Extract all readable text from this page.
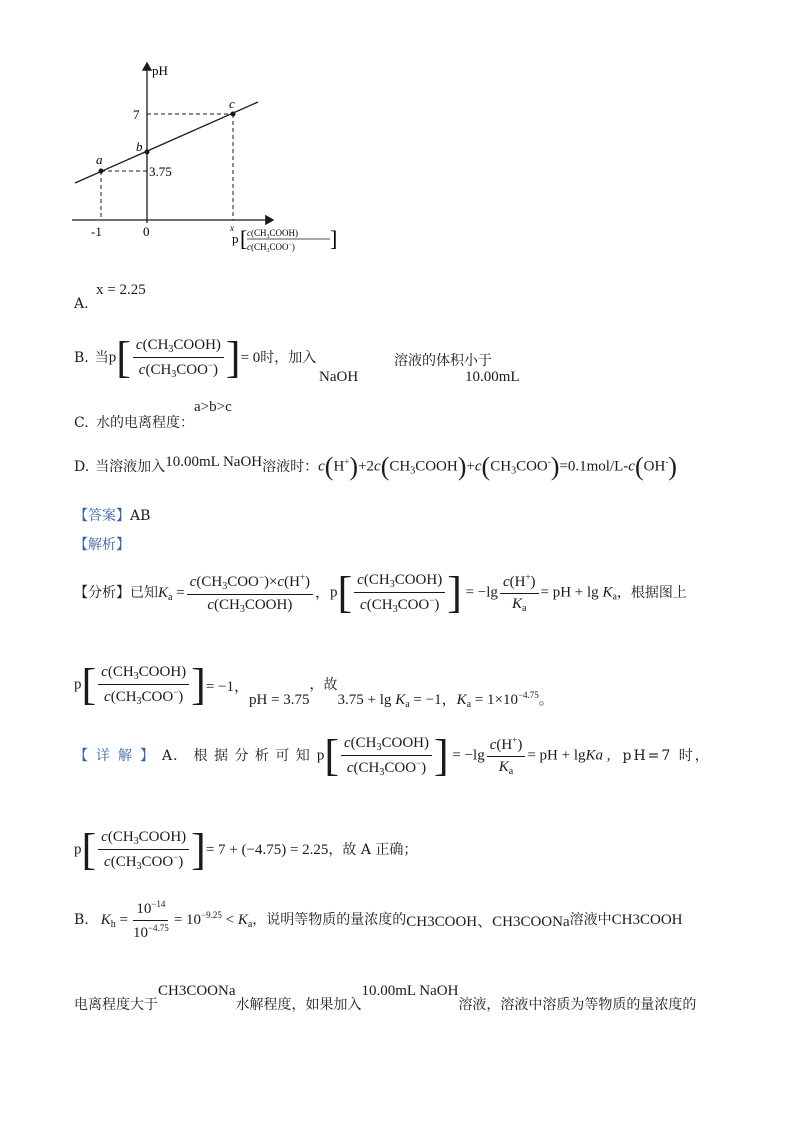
pH
7
3.75
-1	0	x
a
b
c
p [ $c(CH_3COOH)$
$c(CH_3COO^-)$ ]
A.
x = 2.25
B. 当 $p[ \frac{c(CH_3COOH)}{c(CH_3COO^-)}$ ] = 0 时，加入
NaOH
溶液的体积小于
10.00mL
C. 水的电离程度：
a>b>c
D. 当溶液加入 10.00mL NaOH 溶液时： $c(H^+)+2c(CH_3COOH)+c(CH_3COO^-)=0.1mol/L-c(OH^-)$
【答案】AB
【解析】
【分析】 已知 $K_a = \frac{c(CH_3COO^-)\times c(H^+)}{c(CH_3COOH)}$ ， $p[ \frac{c(CH_3COOH)}{c(CH_3COO^-)}$ ] = $-\lg \frac{c(H^+)}{K_a}$ = pH + $\lg K_a$ ，根据图上
$p[ \frac{c(CH_3COOH)}{c(CH_3COO^-)}$ ] = −1，
pH = 3.75
，故
$3.75 + \lg K_a = -1$，$K_a = 1\times 10^{-4.75}$。
【详解】 A． 根 据 分 析 可 知 $p[ \frac{c(CH_3COOH)}{c(CH_3COO^-)}$ ] = $-\lg \frac{c(H^+)}{K_a}$ = pH + lgKa , pH=7 时，
$p[ \frac{c(CH_3COOH)}{c(CH_3COO^-)}$ ] = 7 + (−4.75) = 2.25 ，故 A 正确；
B. $K_h = \frac{10^{-14}}{10^{-4.75}} = 10^{-9.25} < K_a$ ，说明等物质的量浓度的 CH3COOH、CH3COONa 溶液中 CH3COOH
电离程度大于
CH3COONa
水解程度，如果加入
10.00mL NaOH
溶液，溶液中溶质为等物质的量浓度的
